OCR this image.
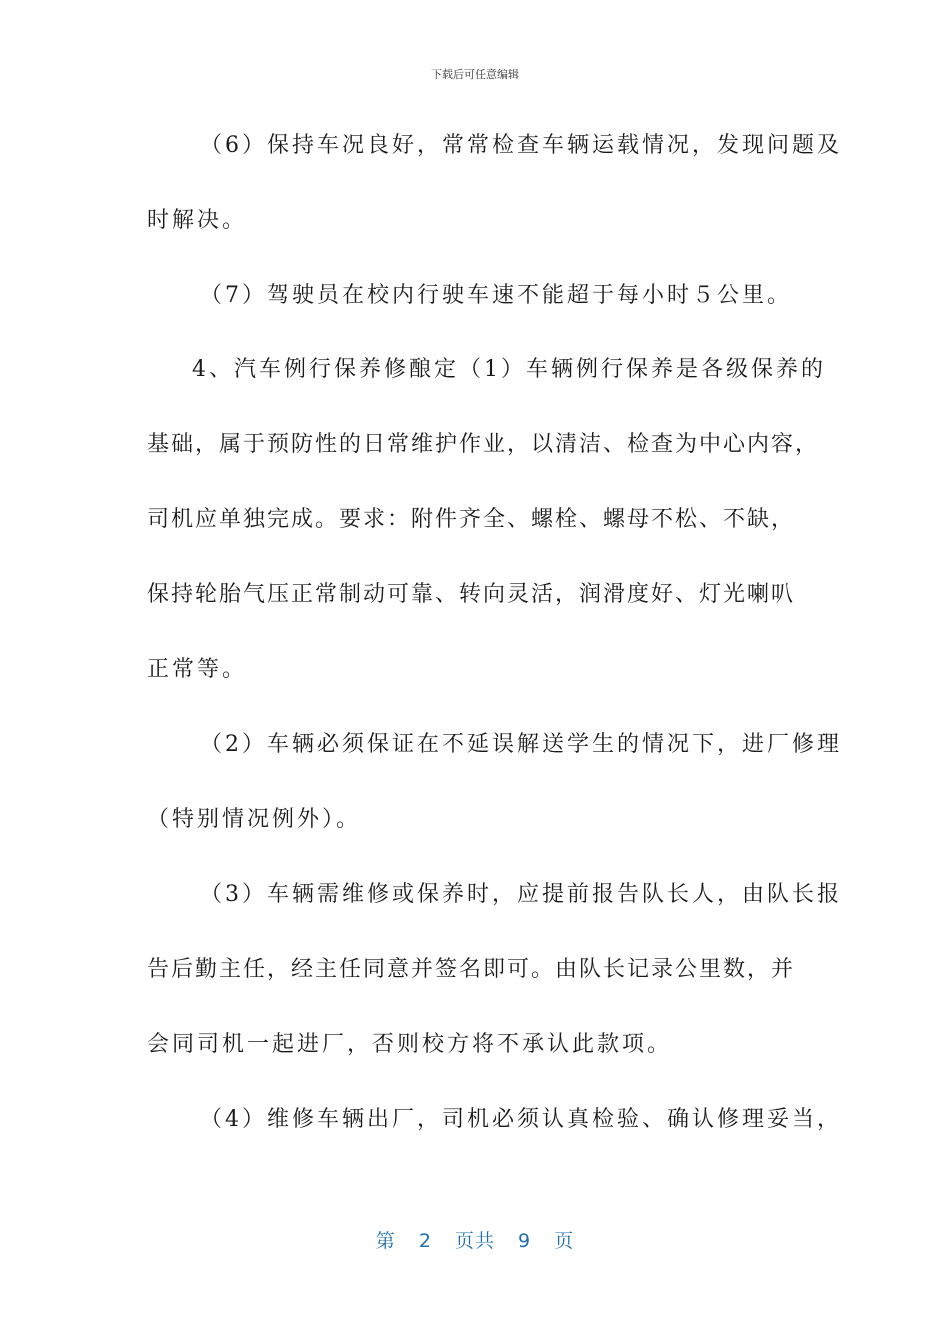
下载后可任意编辑
（6）保持车况良好，常常检查车辆运载情况，发现问题及
时解决。
（7）驾驶员在校内行驶车速不能超于每小时５公里。
4、汽车例行保养修酿定（1）车辆例行保养是各级保养的
基础，属于预防性的日常维护作业，以清洁、检查为中心内容，
司机应单独完成。要求：附件齐全、螺栓、螺母不松、不缺，
保持轮胎气压正常制动可靠、转向灵活，润滑度好、灯光喇叭
正常等。
（2）车辆必须保证在不延误解送学生的情况下，进厂修理
（特别情况例外）。
（3）车辆需维修或保养时，应提前报告队长人，由队长报
告后勤主任，经主任同意并签名即可。由队长记录公里数，并
会同司机一起进厂，否则校方将不承认此款项。
（4）维修车辆出厂，司机必须认真检验、确认修理妥当，
第 2 页共 9 页
